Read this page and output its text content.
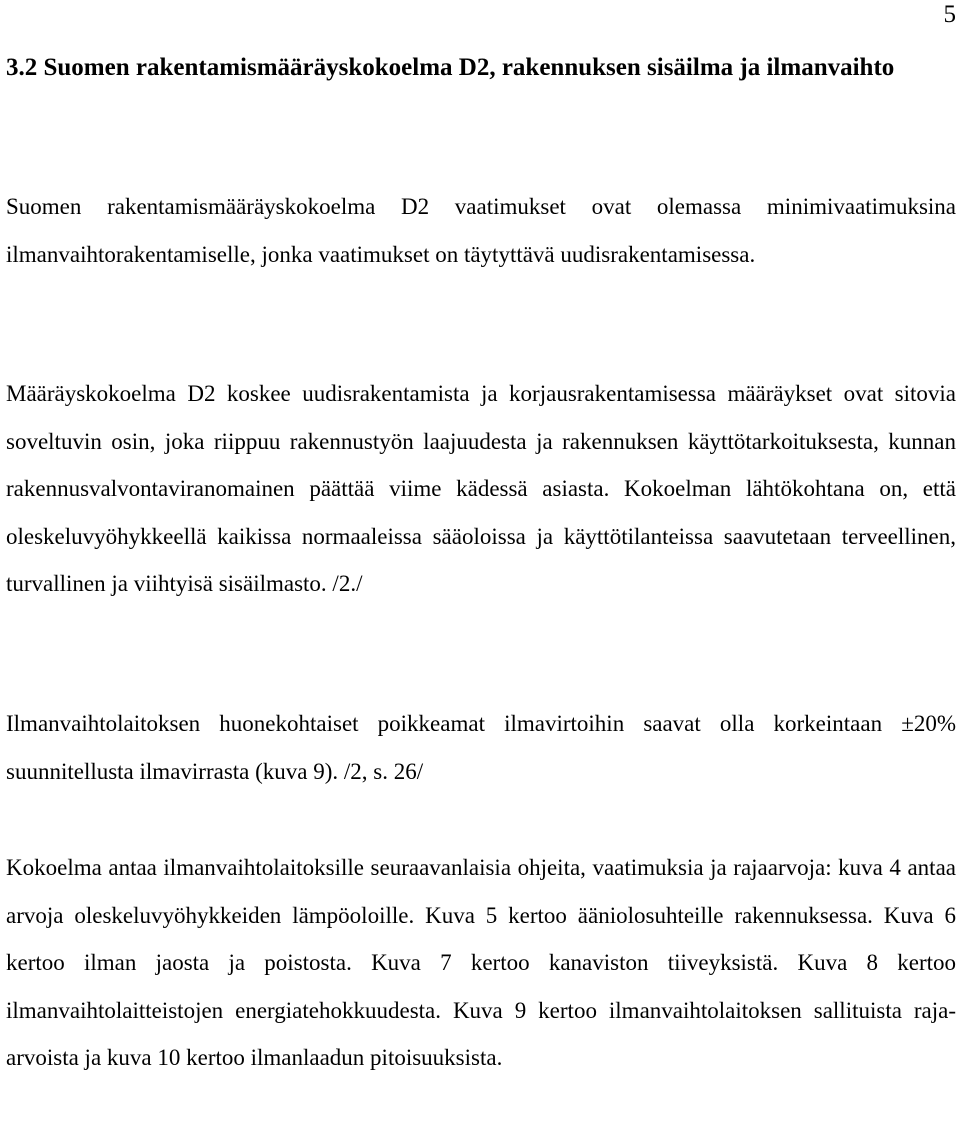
5
3.2 Suomen rakentamismääräyskokoelma D2, rakennuksen sisäilma ja ilmanvaihto

Suomen rakentamismääräyskokoelma D2 vaatimukset ovat olemassa minimivaatimuksina ilmanvaihtorakentamiselle, jonka vaatimukset on täytyttävä uudisrakentamisessa.

Määräyskokoelma D2 koskee uudisrakentamista ja korjausrakentamisessa määräykset ovat sitovia soveltuvin osin, joka riippuu rakennustyön laajuudesta ja rakennuksen käyttötarkoituksesta, kunnan rakennusvalvontaviranomainen päättää viime kädessä asiasta. Kokoelman lähtökohtana on, että oleskeluvyöhykkeellä kaikissa normaaleissa sääoloissa ja käyttötilanteissa saavutetaan terveellinen, turvallinen ja viihtyisä sisäilmasto. /2./

Ilmanvaihtolaitoksen huonekohtaiset poikkeamat ilmavirtoihin saavat olla korkeintaan ±20% suunnitellusta ilmavirrasta (kuva 9). /2, s. 26/

Kokoelma antaa ilmanvaihtolaitoksille seuraavanlaisia ohjeita, vaatimuksia ja rajaarvoja: kuva 4 antaa arvoja oleskeluvyöhykkeiden lämpöoloille. Kuva 5 kertoo ääniolosuhteille rakennuksessa. Kuva 6 kertoo ilman jaosta ja poistosta. Kuva 7 kertoo kanaviston tiiveyksistä. Kuva 8 kertoo ilmanvaihtolaitteistojen energiatehokkuudesta. Kuva 9 kertoo ilmanvaihtolaitoksen sallituista raja-arvoista ja kuva 10 kertoo ilmanlaadun pitoisuuksista.
